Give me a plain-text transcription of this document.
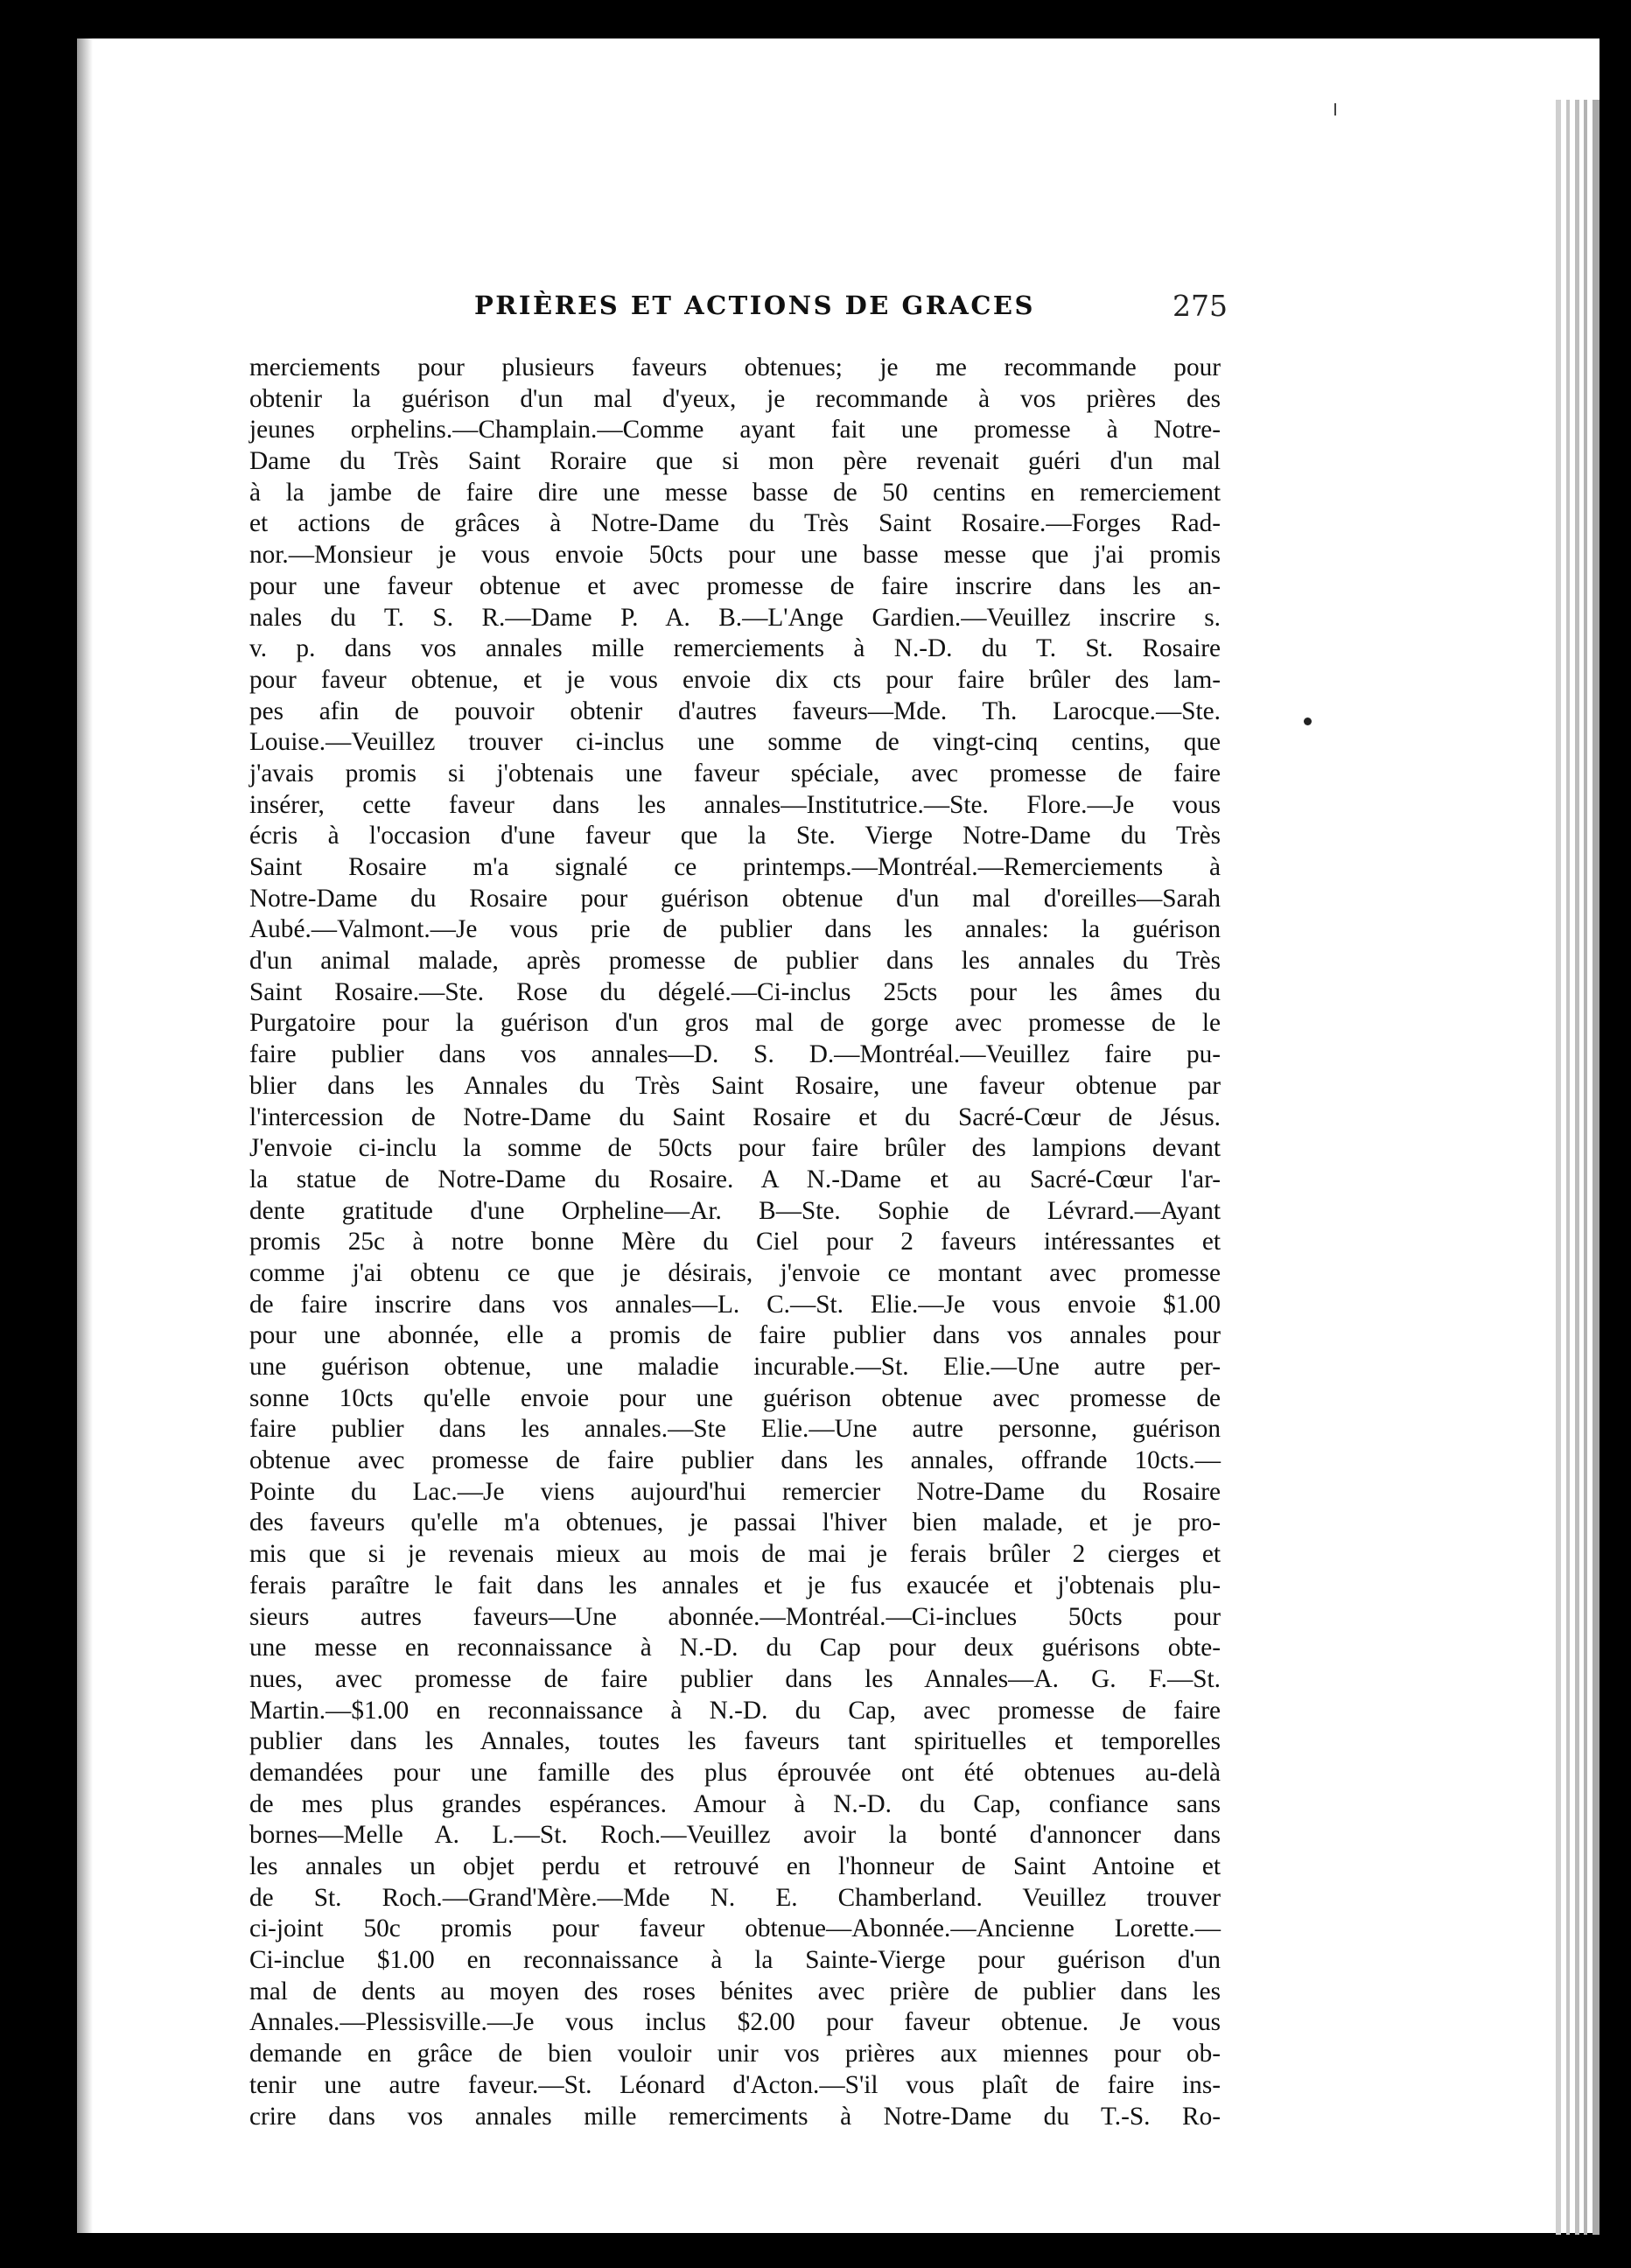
PRIÈRES ET ACTIONS DE GRACES	275
merciements pour plusieurs faveurs obtenues; je me recommande pour
obtenir la guérison d'un mal d'yeux, je recommande à vos prières des
jeunes orphelins.—Champlain.—Comme ayant fait une promesse à Notre-
Dame du Très Saint Roraire que si mon père revenait guéri d'un mal
à la jambe de faire dire une messe basse de 50 centins en remerciement
et actions de grâces à Notre-Dame du Très Saint Rosaire.—Forges Rad-
nor.—Monsieur je vous envoie 50cts pour une basse messe que j'ai promis
pour une faveur obtenue et avec promesse de faire inscrire dans les an-
nales du T. S. R.—Dame P. A. B.—L'Ange Gardien.—Veuillez inscrire s.
v. p. dans vos annales mille remerciements à N.-D. du T. St. Rosaire
pour faveur obtenue, et je vous envoie dix cts pour faire brûler des lam-
pes afin de pouvoir obtenir d'autres faveurs—Mde. Th. Larocque.—Ste.
Louise.—Veuillez trouver ci-inclus une somme de vingt-cinq centins, que
j'avais promis si j'obtenais une faveur spéciale, avec promesse de faire
insérer, cette faveur dans les annales—Institutrice.—Ste. Flore.—Je vous
écris à l'occasion d'une faveur que la Ste. Vierge Notre-Dame du Très
Saint Rosaire m'a signalé ce printemps.—Montréal.—Remerciements à
Notre-Dame du Rosaire pour guérison obtenue d'un mal d'oreilles—Sarah
Aubé.—Valmont.—Je vous prie de publier dans les annales: la guérison
d'un animal malade, après promesse de publier dans les annales du Très
Saint Rosaire.—Ste. Rose du dégelé.—Ci-inclus 25cts pour les âmes du
Purgatoire pour la guérison d'un gros mal de gorge avec promesse de le
faire publier dans vos annales—D. S. D.—Montréal.—Veuillez faire pu-
blier dans les Annales du Très Saint Rosaire, une faveur obtenue par
l'intercession de Notre-Dame du Saint Rosaire et du Sacré-Cœur de Jésus.
J'envoie ci-inclu la somme de 50cts pour faire brûler des lampions devant
la statue de Notre-Dame du Rosaire. A N.-Dame et au Sacré-Cœur l'ar-
dente gratitude d'une Orpheline—Ar. B—Ste. Sophie de Lévrard.—Ayant
promis 25c à notre bonne Mère du Ciel pour 2 faveurs intéressantes et
comme j'ai obtenu ce que je désirais, j'envoie ce montant avec promesse
de faire inscrire dans vos annales—L. C.—St. Elie.—Je vous envoie $1.00
pour une abonnée, elle a promis de faire publier dans vos annales pour
une guérison obtenue, une maladie incurable.—St. Elie.—Une autre per-
sonne 10cts qu'elle envoie pour une guérison obtenue avec promesse de
faire publier dans les annales.—Ste Elie.—Une autre personne, guérison
obtenue avec promesse de faire publier dans les annales, offrande 10cts.—
Pointe du Lac.—Je viens aujourd'hui remercier Notre-Dame du Rosaire
des faveurs qu'elle m'a obtenues, je passai l'hiver bien malade, et je pro-
mis que si je revenais mieux au mois de mai je ferais brûler 2 cierges et
ferais paraître le fait dans les annales et je fus exaucée et j'obtenais plu-
sieurs autres faveurs—Une abonnée.—Montréal.—Ci-inclues 50cts pour
une messe en reconnaissance à N.-D. du Cap pour deux guérisons obte-
nues, avec promesse de faire publier dans les Annales—A. G. F.—St.
Martin.—$1.00 en reconnaissance à N.-D. du Cap, avec promesse de faire
publier dans les Annales, toutes les faveurs tant spirituelles et temporelles
demandées pour une famille des plus éprouvée ont été obtenues au-delà
de mes plus grandes espérances. Amour à N.-D. du Cap, confiance sans
bornes—Melle A. L.—St. Roch.—Veuillez avoir la bonté d'annoncer dans
les annales un objet perdu et retrouvé en l'honneur de Saint Antoine et
de St. Roch.—Grand'Mère.—Mde N. E. Chamberland. Veuillez trouver
ci-joint 50c promis pour faveur obtenue—Abonnée.—Ancienne Lorette.—
Ci-inclue $1.00 en reconnaissance à la Sainte-Vierge pour guérison d'un
mal de dents au moyen des roses bénites avec prière de publier dans les
Annales.—Plessisville.—Je vous inclus $2.00 pour faveur obtenue. Je vous
demande en grâce de bien vouloir unir vos prières aux miennes pour ob-
tenir une autre faveur.—St. Léonard d'Acton.—S'il vous plaît de faire ins-
crire dans vos annales mille remerciments à Notre-Dame du T.-S. Ro-
